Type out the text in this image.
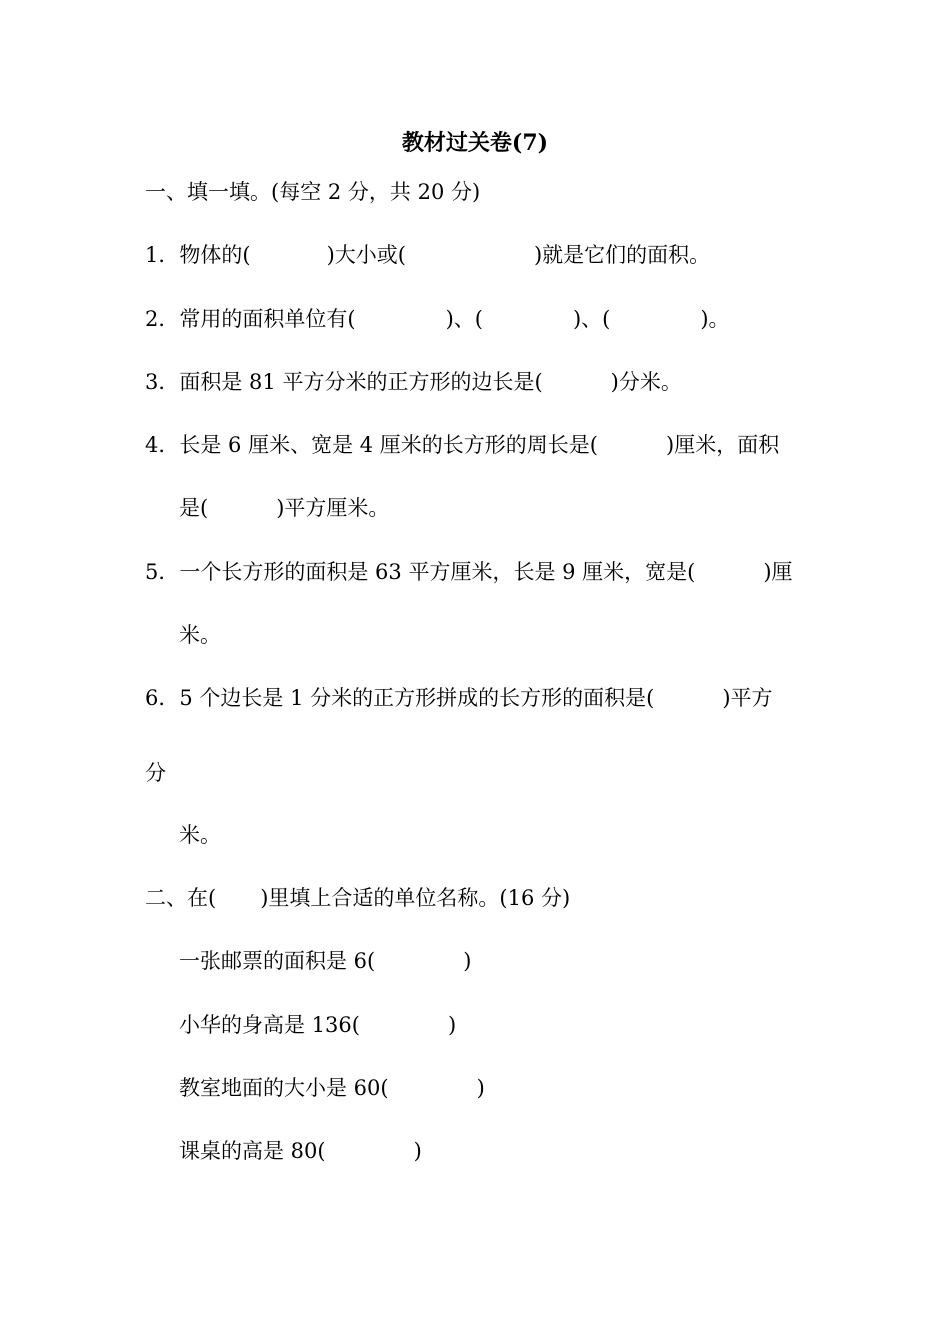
教材过关卷(7)
一、填一填。(每空 2 分，共 20 分)
1．物体的(	)大小或(	)就是它们的面积。
2．常用的面积单位有(	)、(	)、(	)。
3．面积是 81 平方分米的正方形的边长是(	)分米。
4．长是 6 厘米、宽是 4 厘米的长方形的周长是(	)厘米，面积
是(	)平方厘米。
5．一个长方形的面积是 63 平方厘米，长是 9 厘米，宽是(	)厘
米。
6．5 个边长是 1 分米的正方形拼成的长方形的面积是(	)平方
分
米。
二、在( )里填上合适的单位名称。(16 分)
一张邮票的面积是 6(	)
小华的身高是 136(	)
教室地面的大小是 60(	)
课桌的高是 80(	)
